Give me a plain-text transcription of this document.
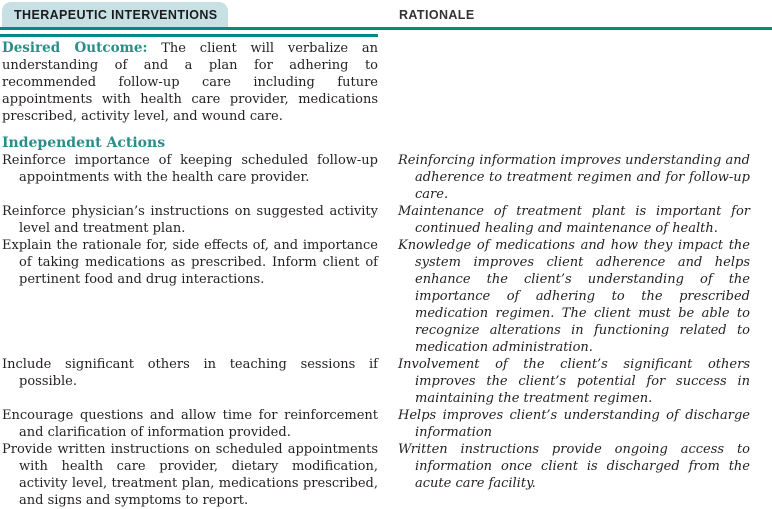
THERAPEUTIC INTERVENTIONS	RATIONALE
Desired Outcome: The client will verbalize an understanding of and a plan for adhering to recommended follow-up care including future appointments with health care provider, medications prescribed, activity level, and wound care.
Independent Actions
Reinforce importance of keeping scheduled follow-up appointments with the health care provider.
Reinforcing information improves understanding and adherence to treatment regimen and for follow-up care.
Reinforce physician’s instructions on suggested activity level and treatment plan.
Maintenance of treatment plant is important for continued healing and maintenance of health.
Explain the rationale for, side effects of, and importance of taking medications as prescribed. Inform client of pertinent food and drug interactions.
Knowledge of medications and how they impact the system improves client adherence and helps enhance the client’s understanding of the importance of adhering to the prescribed medication regimen. The client must be able to recognize alterations in functioning related to medication administration.
Include significant others in teaching sessions if possible.
Involvement of the client’s significant others improves the client’s potential for success in maintaining the treatment regimen.
Encourage questions and allow time for reinforcement and clarification of information provided.
Helps improves client’s understanding of discharge information
Provide written instructions on scheduled appointments with health care provider, dietary modification, activity level, treatment plan, medications prescribed, and signs and symptoms to report.
Written instructions provide ongoing access to information once client is discharged from the acute care facility.
